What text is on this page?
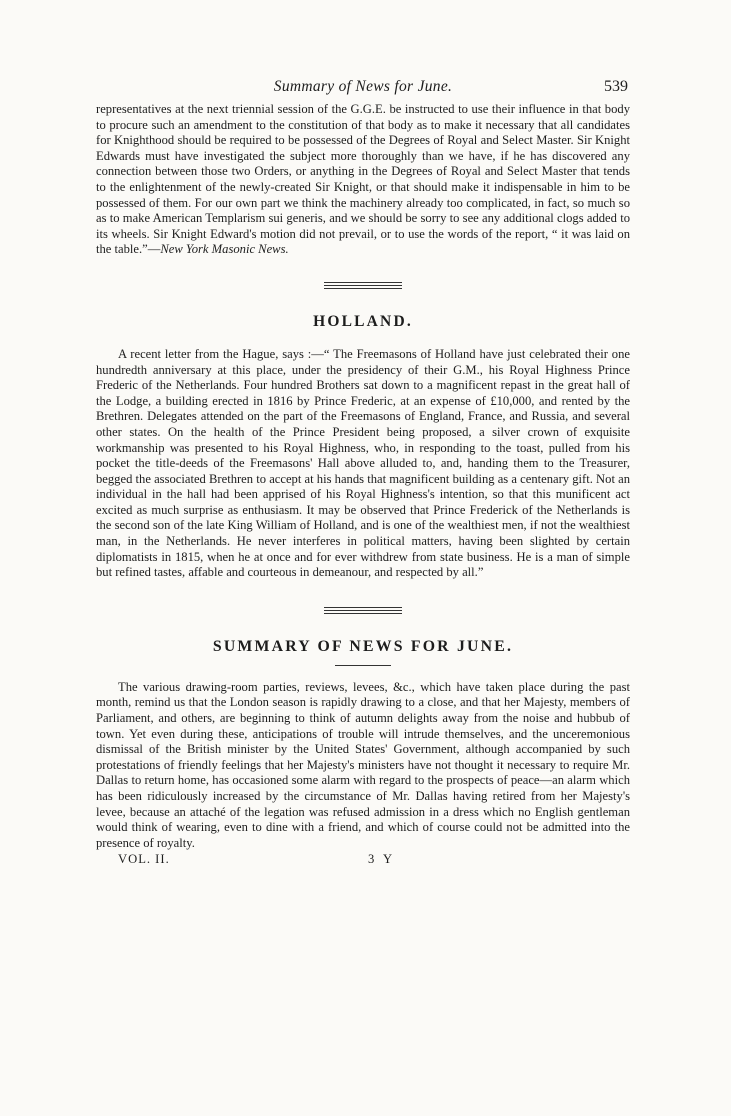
Summary of News for June.	539

representatives at the next triennial session of the G.G.E. be instructed to use their influence in that body to procure such an amendment to the constitution of that body as to make it necessary that all candidates for Knighthood should be required to be possessed of the Degrees of Royal and Select Master. Sir Knight Edwards must have investigated the subject more thoroughly than we have, if he has discovered any connection between those two Orders, or anything in the Degrees of Royal and Select Master that tends to the enlightenment of the newly-created Sir Knight, or that should make it indispensable in him to be possessed of them. For our own part we think the machinery already too complicated, in fact, so much so as to make American Templarism sui generis, and we should be sorry to see any additional clogs added to its wheels. Sir Knight Edward's motion did not prevail, or to use the words of the report, “ it was laid on the table.”—New York Masonic News.

HOLLAND.

A recent letter from the Hague, says :—“ The Freemasons of Holland have just celebrated their one hundredth anniversary at this place, under the presidency of their G.M., his Royal Highness Prince Frederic of the Netherlands. Four hundred Brothers sat down to a magnificent repast in the great hall of the Lodge, a building erected in 1816 by Prince Frederic, at an expense of £10,000, and rented by the Brethren. Delegates attended on the part of the Freemasons of England, France, and Russia, and several other states. On the health of the Prince President being proposed, a silver crown of exquisite workmanship was presented to his Royal Highness, who, in responding to the toast, pulled from his pocket the title-deeds of the Freemasons' Hall above alluded to, and, handing them to the Treasurer, begged the associated Brethren to accept at his hands that magnificent building as a centenary gift. Not an individual in the hall had been apprised of his Royal Highness's intention, so that this munificent act excited as much surprise as enthusiasm. It may be observed that Prince Frederick of the Netherlands is the second son of the late King William of Holland, and is one of the wealthiest men, if not the wealthiest man, in the Netherlands. He never interferes in political matters, having been slighted by certain diplomatists in 1815, when he at once and for ever withdrew from state business. He is a man of simple but refined tastes, affable and courteous in demeanour, and respected by all.”

SUMMARY OF NEWS FOR JUNE.

The various drawing-room parties, reviews, levees, &c., which have taken place during the past month, remind us that the London season is rapidly drawing to a close, and that her Majesty, members of Parliament, and others, are beginning to think of autumn delights away from the noise and hubbub of town. Yet even during these, anticipations of trouble will intrude themselves, and the unceremonious dismissal of the British minister by the United States' Government, although accompanied by such protestations of friendly feelings that her Majesty's ministers have not thought it necessary to require Mr. Dallas to return home, has occasioned some alarm with regard to the prospects of peace—an alarm which has been ridiculously increased by the circumstance of Mr. Dallas having retired from her Majesty's levee, because an attaché of the legation was refused admission in a dress which no English gentleman would think of wearing, even to dine with a friend, and which of course could not be admitted into the presence of royalty.

VOL. II.	3 Y
